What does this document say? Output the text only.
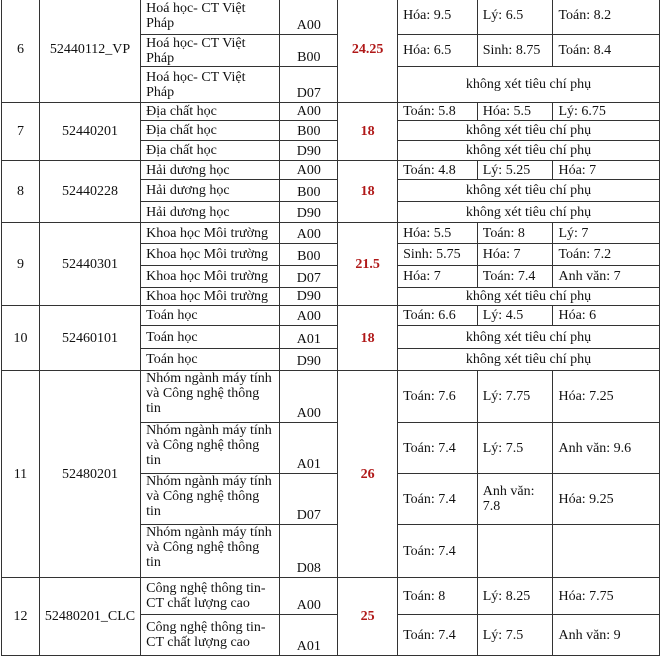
6	52440112_VP	Hoá học- CT Việt Pháp	A00	24.25	Hóa: 9.5	Lý: 6.5	Toán: 8.2
		Hoá học- CT Việt Pháp	B00		Hóa: 6.5	Sinh: 8.75	Toán: 8.4
		Hoá học- CT Việt Pháp	D07		không xét tiêu chí phụ		
7	52440201	Địa chất học	A00	18	Toán: 5.8	Hóa: 5.5	Lý: 6.75
		Địa chất học	B00		không xét tiêu chí phụ		
		Địa chất học	D90		không xét tiêu chí phụ		
8	52440228	Hải dương học	A00	18	Toán: 4.8	Lý: 5.25	Hóa: 7
		Hải dương học	B00		không xét tiêu chí phụ		
		Hải dương học	D90		không xét tiêu chí phụ		
9	52440301	Khoa học Môi trường	A00	21.5	Hóa: 5.5	Toán: 8	Lý: 7
		Khoa học Môi trường	B00		Sinh: 5.75	Hóa: 7	Toán: 7.2
		Khoa học Môi trường	D07		Hóa: 7	Toán: 7.4	Anh văn: 7
		Khoa học Môi trường	D90		không xét tiêu chí phụ		
10	52460101	Toán học	A00	18	Toán: 6.6	Lý: 4.5	Hóa: 6
		Toán học	A01		không xét tiêu chí phụ		
		Toán học	D90		không xét tiêu chí phụ		
11	52480201	Nhóm ngành máy tính và Công nghệ thông tin	A00	26	Toán: 7.6	Lý: 7.75	Hóa: 7.25
		Nhóm ngành máy tính và Công nghệ thông tin	A01		Toán: 7.4	Lý: 7.5	Anh văn: 9.6
		Nhóm ngành máy tính và Công nghệ thông tin	D07		Toán: 7.4	Anh văn: 7.8	Hóa: 9.25
		Nhóm ngành máy tính và Công nghệ thông tin	D08		Toán: 7.4		
12	52480201_CLC	Công nghệ thông tin- CT chất lượng cao	A00	25	Toán: 8	Lý: 8.25	Hóa: 7.75
		Công nghệ thông tin- CT chất lượng cao	A01		Toán: 7.4	Lý: 7.5	Anh văn: 9
